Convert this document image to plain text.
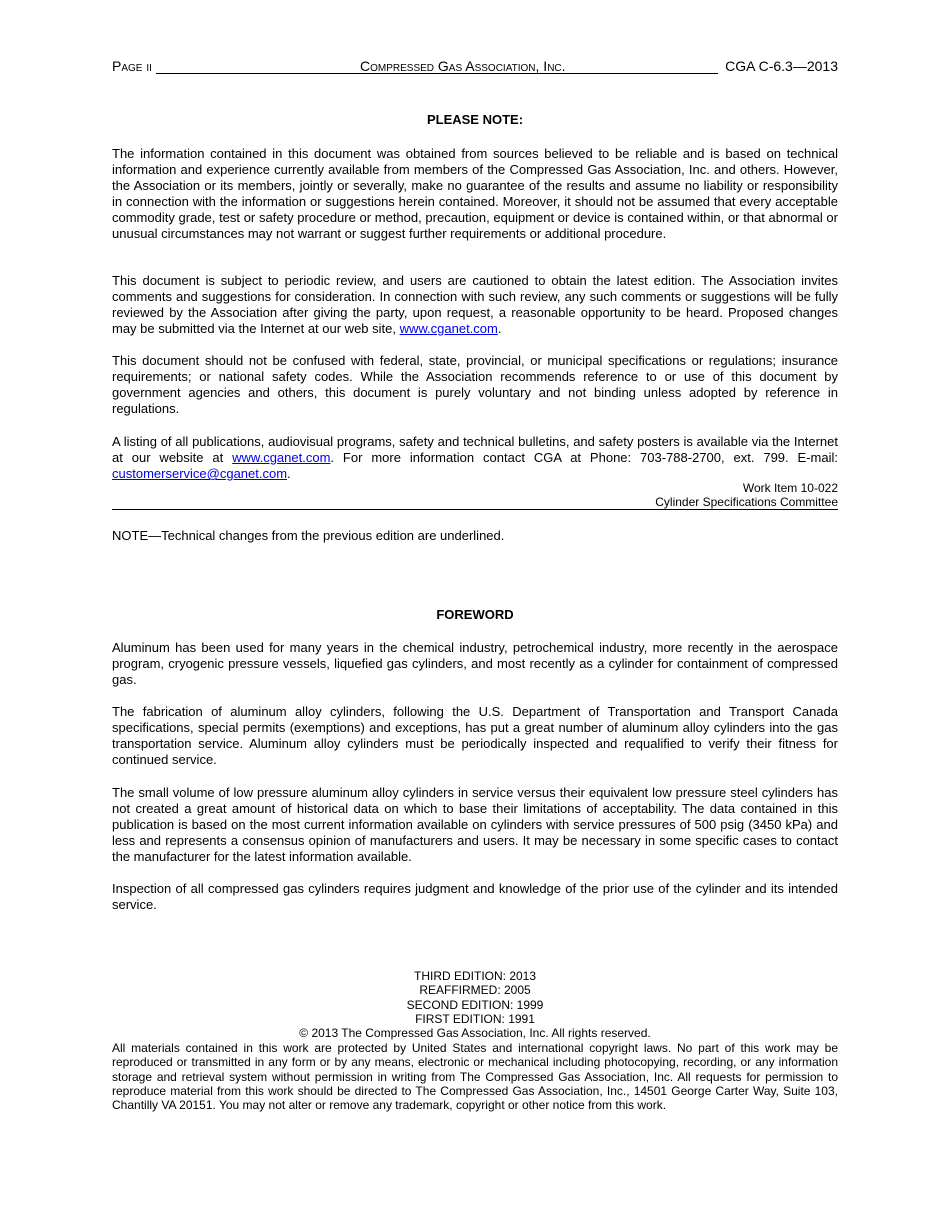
Page ii	Compressed Gas Association, Inc.	CGA C-6.3—2013
PLEASE NOTE:
The information contained in this document was obtained from sources believed to be reliable and is based on technical information and experience currently available from members of the Compressed Gas Association, Inc. and others. However, the Association or its members, jointly or severally, make no guarantee of the results and assume no liability or responsibility in connection with the information or suggestions herein contained. Moreover, it should not be assumed that every acceptable commodity grade, test or safety procedure or method, precaution, equipment or device is contained within, or that abnormal or unusual circumstances may not warrant or suggest further requirements or additional procedure.
This document is subject to periodic review, and users are cautioned to obtain the latest edition. The Association invites comments and suggestions for consideration. In connection with such review, any such comments or suggestions will be fully reviewed by the Association after giving the party, upon request, a reasonable opportunity to be heard. Proposed changes may be submitted via the Internet at our web site, www.cganet.com.
This document should not be confused with federal, state, provincial, or municipal specifications or regulations; insurance requirements; or national safety codes. While the Association recommends reference to or use of this document by government agencies and others, this document is purely voluntary and not binding unless adopted by reference in regulations.
A listing of all publications, audiovisual programs, safety and technical bulletins, and safety posters is available via the Internet at our website at www.cganet.com. For more information contact CGA at Phone: 703-788-2700, ext. 799. E-mail: customerservice@cganet.com.
Work Item 10-022
Cylinder Specifications Committee
NOTE—Technical changes from the previous edition are underlined.
FOREWORD
Aluminum has been used for many years in the chemical industry, petrochemical industry, more recently in the aerospace program, cryogenic pressure vessels, liquefied gas cylinders, and most recently as a cylinder for containment of compressed gas.
The fabrication of aluminum alloy cylinders, following the U.S. Department of Transportation and Transport Canada specifications, special permits (exemptions) and exceptions, has put a great number of aluminum alloy cylinders into the gas transportation service. Aluminum alloy cylinders must be periodically inspected and requalified to verify their fitness for continued service.
The small volume of low pressure aluminum alloy cylinders in service versus their equivalent low pressure steel cylinders has not created a great amount of historical data on which to base their limitations of acceptability. The data contained in this publication is based on the most current information available on cylinders with service pressures of 500 psig (3450 kPa) and less and represents a consensus opinion of manufacturers and users. It may be necessary in some specific cases to contact the manufacturer for the latest information available.
Inspection of all compressed gas cylinders requires judgment and knowledge of the prior use of the cylinder and its intended service.
THIRD EDITION: 2013
REAFFIRMED: 2005
SECOND EDITION: 1999
FIRST EDITION: 1991
© 2013 The Compressed Gas Association, Inc. All rights reserved.
All materials contained in this work are protected by United States and international copyright laws. No part of this work may be reproduced or transmitted in any form or by any means, electronic or mechanical including photocopying, recording, or any information storage and retrieval system without permission in writing from The Compressed Gas Association, Inc. All requests for permission to reproduce material from this work should be directed to The Compressed Gas Association, Inc., 14501 George Carter Way, Suite 103, Chantilly VA 20151. You may not alter or remove any trademark, copyright or other notice from this work.
